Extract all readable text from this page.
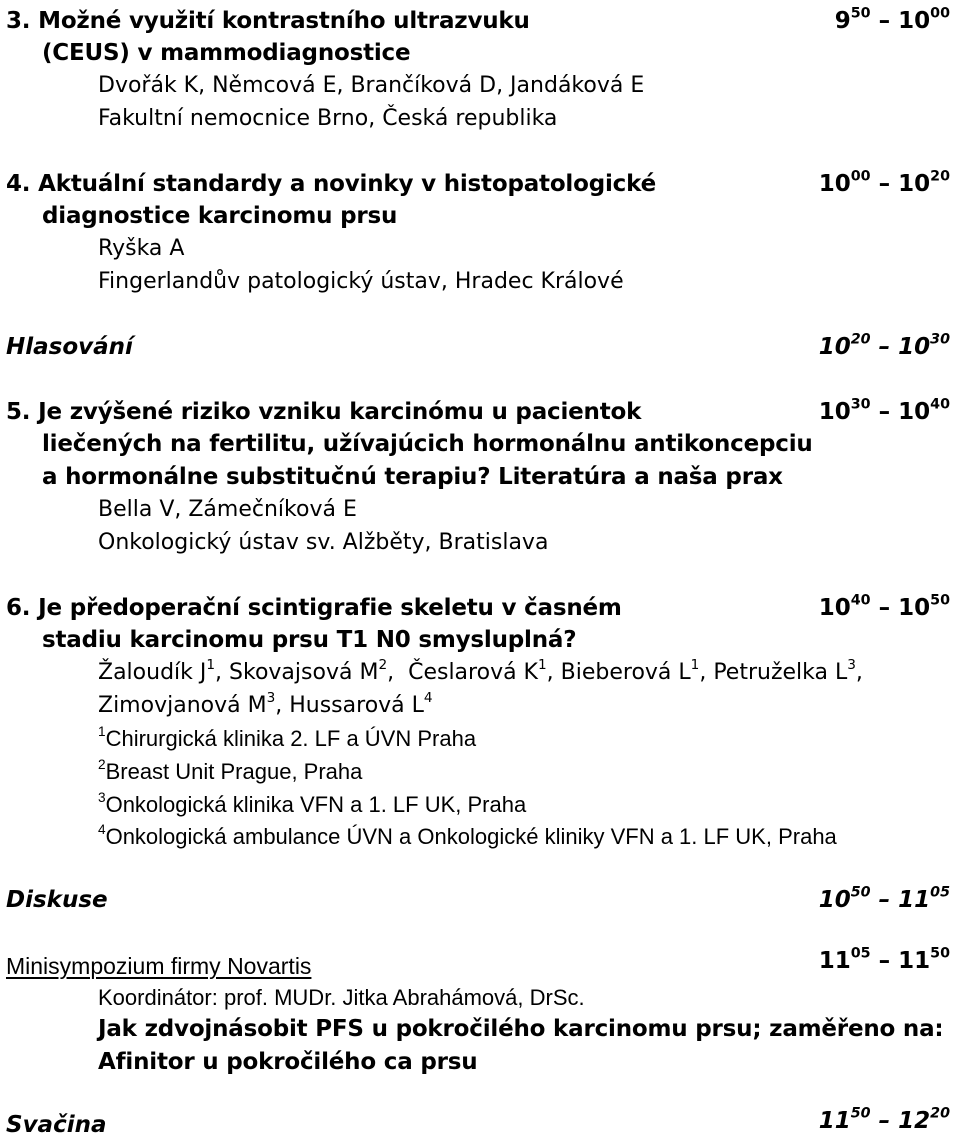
3. Možné využití kontrastního ultrazvuku
(CEUS) v mammodiagnostice
Dvořák K, Němcová E, Brančíková D, Jandáková E
Fakultní nemocnice Brno, Česká republika
$9^{50} - 10^{00}$
4. Aktuální standardy a novinky v histopatologické
diagnostice karcinomu prsu
Ryška A
Fingerlandův patologický ústav, Hradec Králové
$10^{00} - 10^{20}$
Hlasování	$10^{20} - 10^{30}$
5. Je zvýšené riziko vzniku karcinómu u pacientok
liečených na fertilitu, užívajúcich hormonálnu antikoncepciu
a hormonálne substitučnú terapiu? Literatúra a naša prax
Bella V, Zámečníková E
Onkologický ústav sv. Alžběty, Bratislava
$10^{30} - 10^{40}$
6. Je předoperační scintigrafie skeletu v časném
stadiu karcinomu prsu T1 N0 smysluplná?
Žaloudík $J^1$, Skovajsová $M^2$,  Česlarová $K^1$, Bieberová $L^1$, Petruželka $L^3$,
Zimovjanová $M^3$, Hussarová $L^4$
$^1$Chirurgická klinika 2. LF a ÚVN Praha
$^2$Breast Unit Prague, Praha
$^3$Onkologická klinika VFN a 1. LF UK, Praha
$^4$Onkologická ambulance ÚVN a Onkologické kliniky VFN a 1. LF UK, Praha
$10^{40} - 10^{50}$
Diskuse	$10^{50} - 11^{05}$
Minisympozium firmy Novartis	$11^{05} - 11^{50}$
Koordinátor: prof. MUDr. Jitka Abrahámová, DrSc.
Jak zdvojnásobit PFS u pokročilého karcinomu prsu; zaměřeno na:
Afinitor u pokročilého ca prsu
Svačina	$11^{50} - 12^{20}$
